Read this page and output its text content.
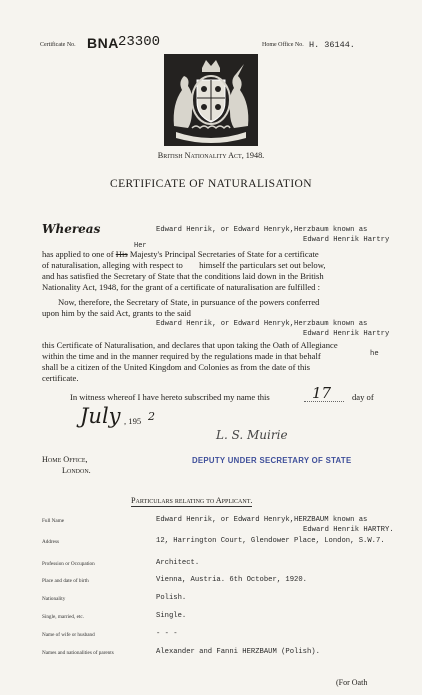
Certificate No. BNA 23300	Home Office No. H. 36144.
British Nationality Act, 1948.
CERTIFICATE OF NATURALISATION
Whereas	Edward Henrik, or Edward Henryk,Herzbaum known as
Edward Henrik Hartry
Her
has applied to one of His Majesty's Principal Secretaries of State for a certificate
of naturalisation, alleging with respect to himself the particulars set out below,
and has satisfied the Secretary of State that the conditions laid down in the British
Nationality Act, 1948, for the grant of a certificate of naturalisation are fulfilled :
Now, therefore, the Secretary of State, in pursuance of the powers conferred
upon him by the said Act, grants to the said
Edward Henrik, or Edward Henryk,Herzbaum known as
Edward Henrik Hartry
this Certificate of Naturalisation, and declares that upon taking the Oath of Allegiance
within the time and in the manner required by the regulations made in that behalf	he
shall be a citizen of the United Kingdom and Colonies as from the date of this
certificate.
In witness whereof I have hereto subscribed my name this	17 day of
July , 195 2
L. S. Muirie
Home Office,
London.
DEPUTY UNDER SECRETARY OF STATE
Particulars relating to Applicant.
Full Name	Edward Henrik, or Edward Henryk,HERZBAUM known as
Edward Henrik HARTRY.
Address	12, Harrington Court, Glendower Place, London, S.W.7.
Profession or Occupation	Architect.
Place and date of birth	Vienna, Austria. 6th October, 1920.
Nationality	Polish.
Single, married, etc.	Single.
Name of wife or husband	- - -
Names and nationalities of parents	Alexander and Fanni HERZBAUM (Polish).
(For Oath
